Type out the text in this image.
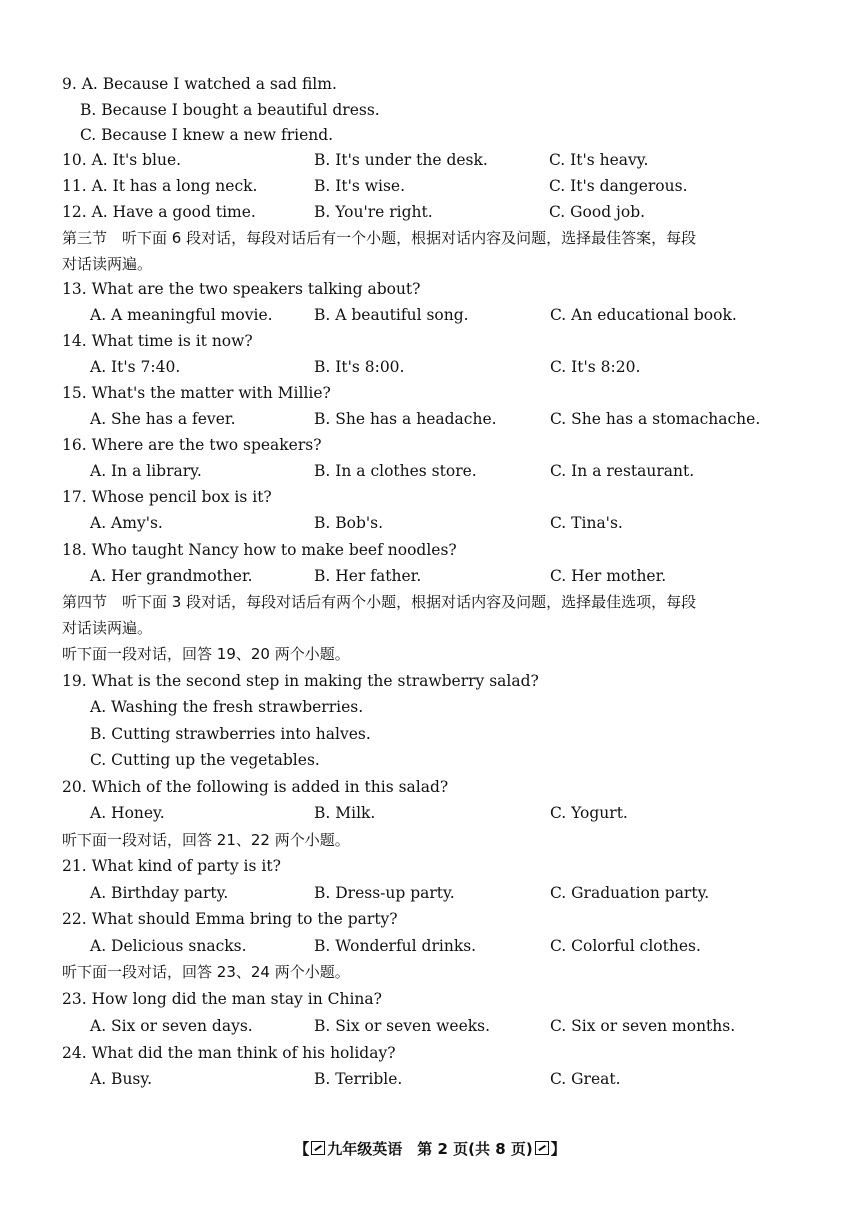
9. A. Because I watched a sad film.
B. Because I bought a beautiful dress.
C. Because I knew a new friend.
10. A. It's blue.	B. It's under the desk.	C. It's heavy.
11. A. It has a long neck.	B. It's wise.	C. It's dangerous.
12. A. Have a good time.	B. You're right.	C. Good job.
第三节　听下面 6 段对话，每段对话后有一个小题，根据对话内容及问题，选择最佳答案，每段
对话读两遍。
13. What are the two speakers talking about?
A. A meaningful movie.	B. A beautiful song.	C. An educational book.
14. What time is it now?
A. It's 7:40.	B. It's 8:00.	C. It's 8:20.
15. What's the matter with Millie?
A. She has a fever.	B. She has a headache.	C. She has a stomachache.
16. Where are the two speakers?
A. In a library.	B. In a clothes store.	C. In a restaurant.
17. Whose pencil box is it?
A. Amy's.	B. Bob's.	C. Tina's.
18. Who taught Nancy how to make beef noodles?
A. Her grandmother.	B. Her father.	C. Her mother.
第四节　听下面 3 段对话，每段对话后有两个小题，根据对话内容及问题，选择最佳选项，每段
对话读两遍。
听下面一段对话，回答 19、20 两个小题。
19. What is the second step in making the strawberry salad?
A. Washing the fresh strawberries.
B. Cutting strawberries into halves.
C. Cutting up the vegetables.
20. Which of the following is added in this salad?
A. Honey.	B. Milk.	C. Yogurt.
听下面一段对话，回答 21、22 两个小题。
21. What kind of party is it?
A. Birthday party.	B. Dress-up party.	C. Graduation party.
22. What should Emma bring to the party?
A. Delicious snacks.	B. Wonderful drinks.	C. Colorful clothes.
听下面一段对话，回答 23、24 两个小题。
23. How long did the man stay in China?
A. Six or seven days.	B. Six or seven weeks.	C. Six or seven months.
24. What did the man think of his holiday?
A. Busy.	B. Terrible.	C. Great.
【 九年级英语　第 2 页(共 8 页) 】
